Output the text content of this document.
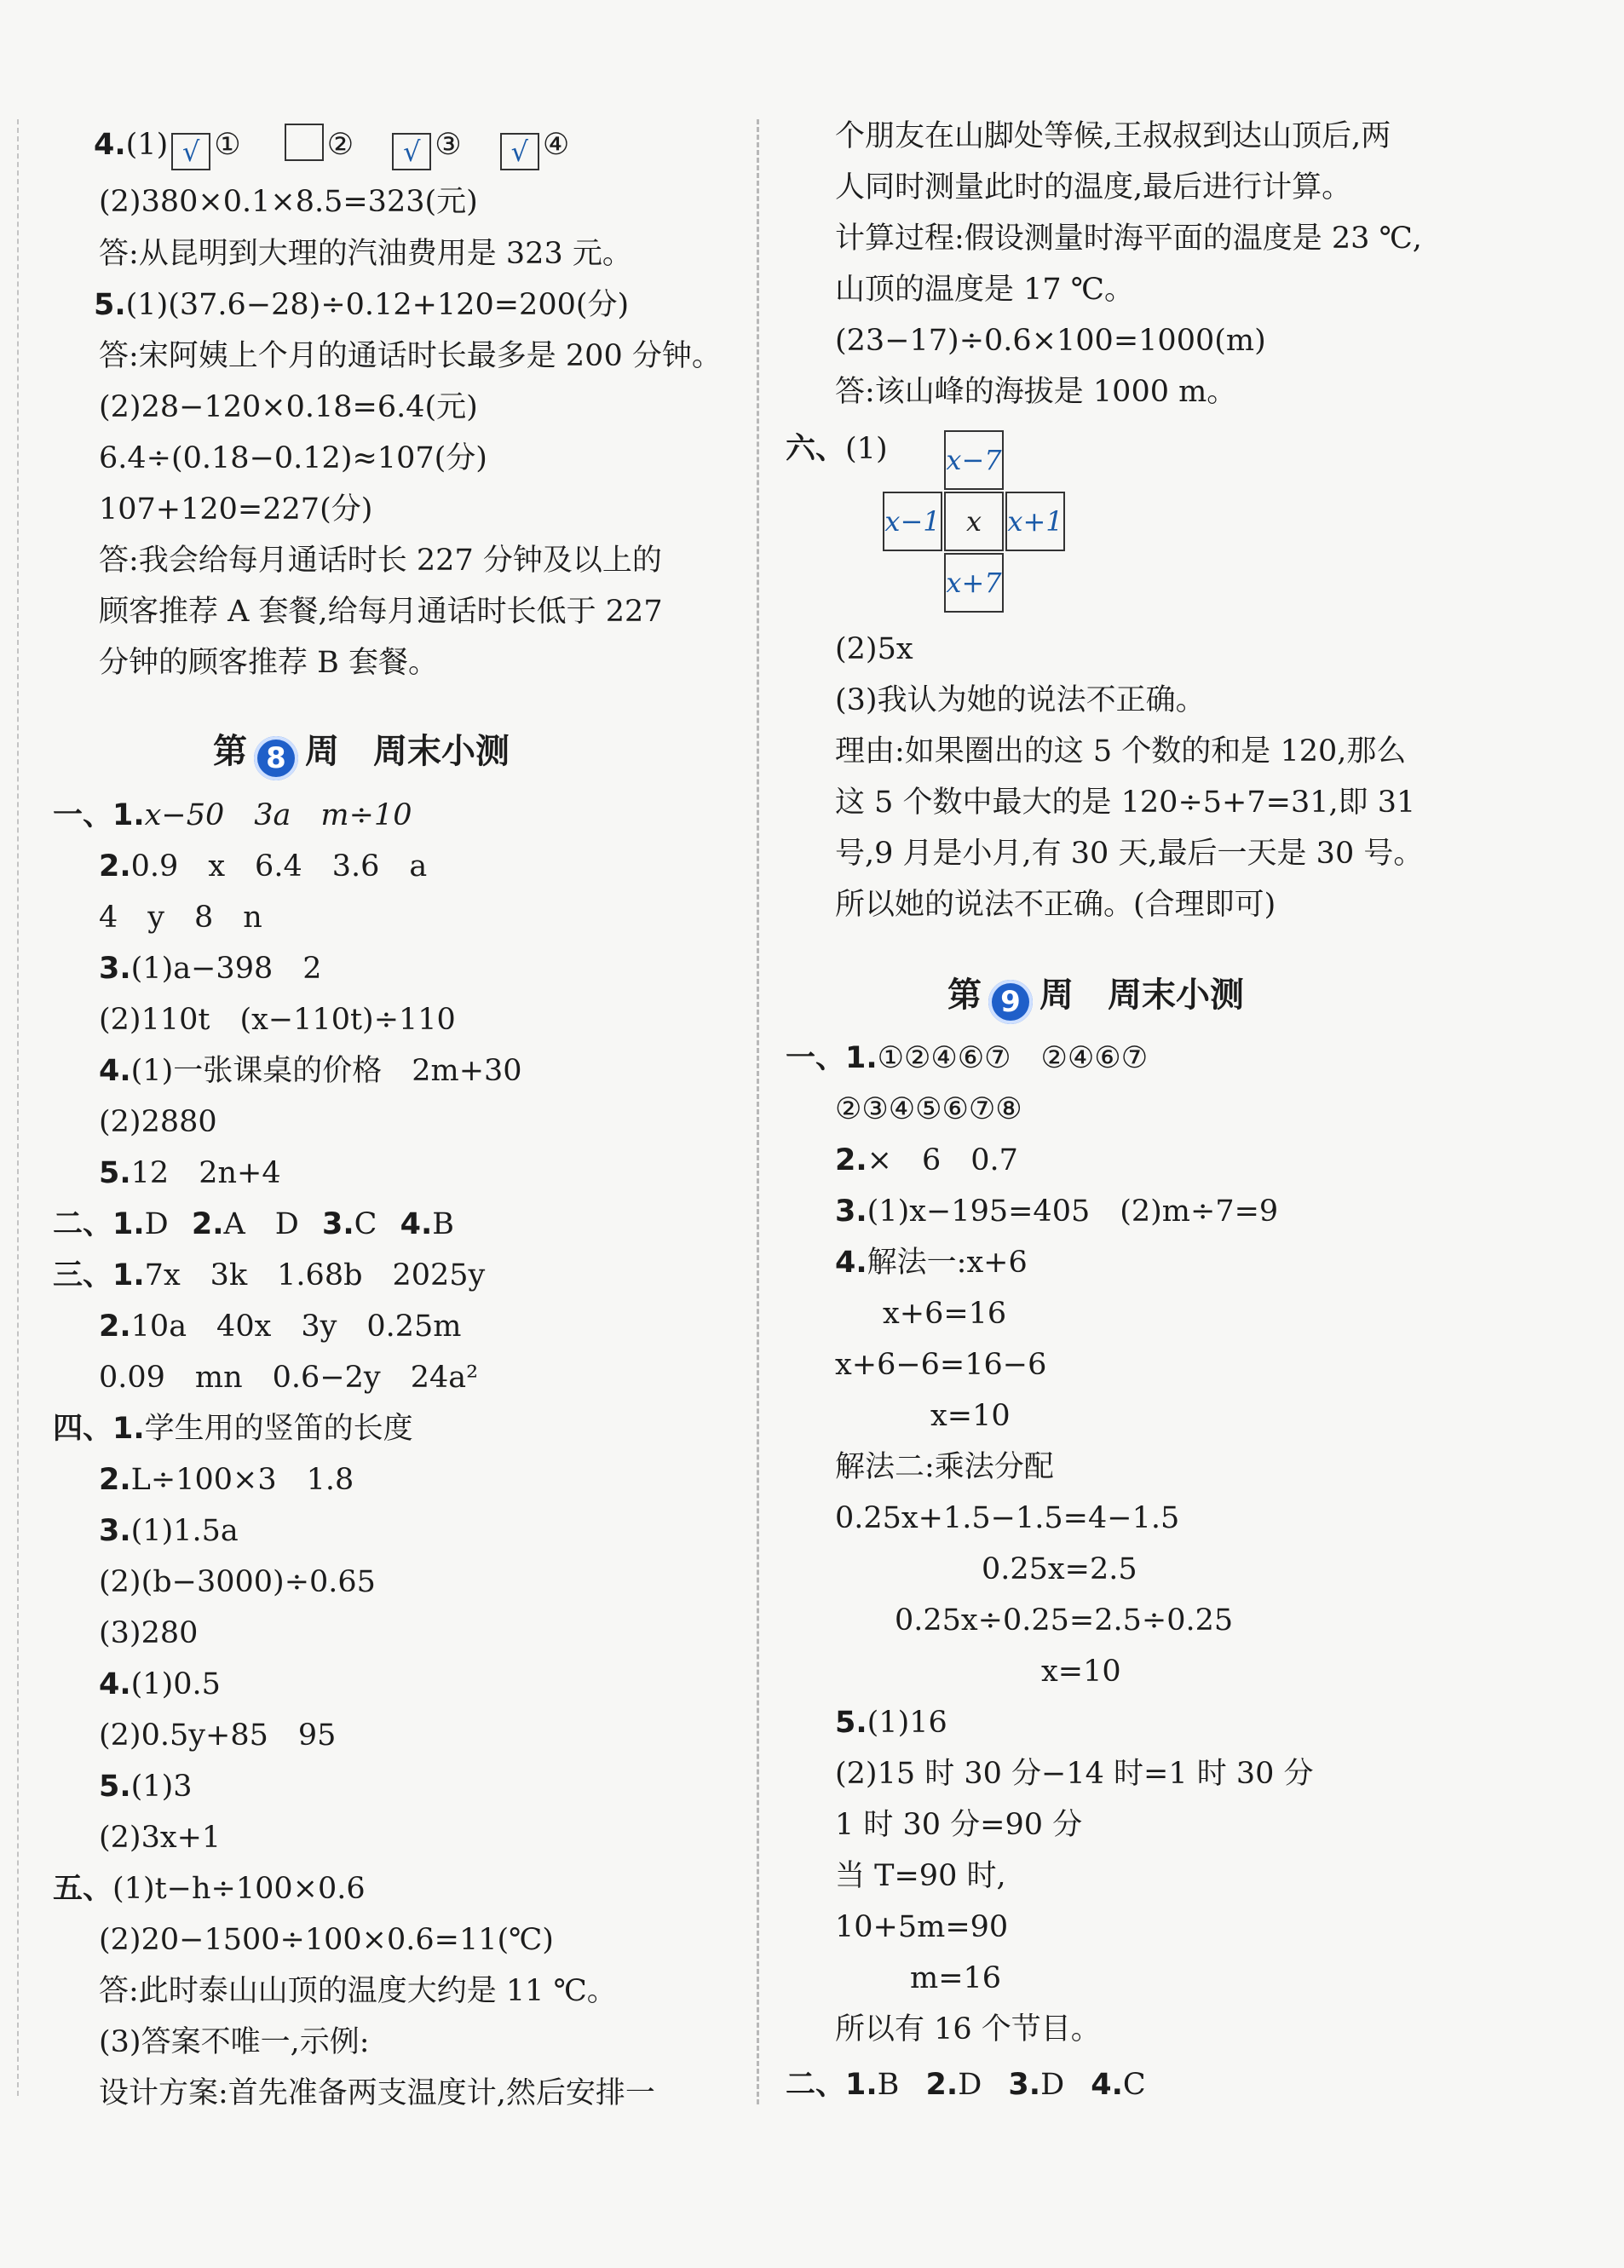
4.(1) √ ①	② √ ③ √ ④
(2)380×0.1×8.5=323(元)
答:从昆明到大理的汽油费用是 323 元。
5.(1)(37.6−28)÷0.12+120=200(分)
答:宋阿姨上个月的通话时长最多是 200 分钟。
(2)28−120×0.18=6.4(元)
6.4÷(0.18−0.12)≈107(分)
107+120=227(分)
答:我会给每月通话时长 227 分钟及以上的
顾客推荐 A 套餐,给每月通话时长低于 227
分钟的顾客推荐 B 套餐。
第 8 周　周末小测
一、1.x−50　3a　m÷10
2.0.9　x　6.4　3.6　a
4　y　8　n
3.(1)a−398　2
(2)110t　(x−110t)÷110
4.(1)一张课桌的价格　2m+30
(2)2880
5.12　2n+4
二、1.D 2.A　D 3.C 4.B
三、1.7x　3k　1.68b　2025y
2.10a　40x　3y　0.25m
0.09　mn　0.6−2y　24a²
四、1.学生用的竖笛的长度
2.L÷100×3　1.8
3.(1)1.5a
(2)(b−3000)÷0.65
(3)280
4.(1)0.5
(2)0.5y+85　95
5.(1)3
(2)3x+1
五、(1)t−h÷100×0.6
(2)20−1500÷100×0.6=11(℃)
答:此时泰山山顶的温度大约是 11 ℃。
(3)答案不唯一,示例:
设计方案:首先准备两支温度计,然后安排一
个朋友在山脚处等候,王叔叔到达山顶后,两
人同时测量此时的温度,最后进行计算。
计算过程:假设测量时海平面的温度是 23 ℃,
山顶的温度是 17 ℃。
(23−17)÷0.6×100=1000(m)
答:该山峰的海拔是 1000 m。
六、(1) x−7
x−1 x x+1
x+7
(2)5x
(3)我认为她的说法不正确。
理由:如果圈出的这 5 个数的和是 120,那么
这 5 个数中最大的是 120÷5+7=31,即 31
号,9 月是小月,有 30 天,最后一天是 30 号。
所以她的说法不正确。(合理即可)
第 9 周　周末小测
一、1.①②④⑥⑦　②④⑥⑦
②③④⑤⑥⑦⑧
2.×　6　0.7
3.(1)x−195=405　(2)m÷7=9
4.解法一:x+6
x+6=16
x+6−6=16−6
x=10
解法二:乘法分配
0.25x+1.5−1.5=4−1.5
0.25x=2.5
0.25x÷0.25=2.5÷0.25
x=10
5.(1)16
(2)15 时 30 分−14 时=1 时 30 分
1 时 30 分=90 分
当 T=90 时,
10+5m=90
m=16
所以有 16 个节目。
二、1.B 2.D 3.D 4.C
